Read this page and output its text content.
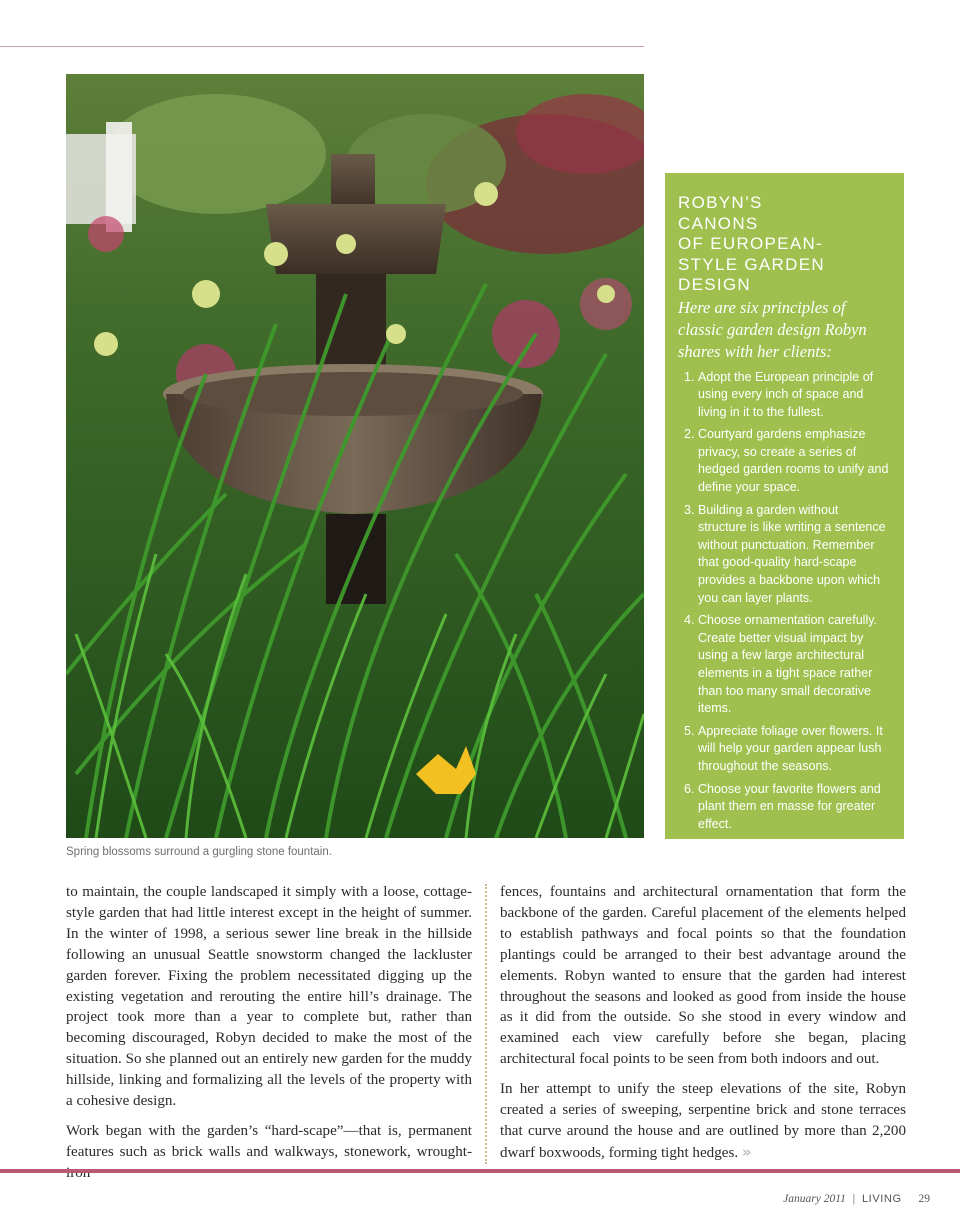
Spring blossoms surround a gurgling stone fountain.
ROBYN’S
CANONS
OF EUROPEAN-
STYLE GARDEN
DESIGN
Here are six principles of classic garden design Robyn shares with her clients:
1. Adopt the European principle of using every inch of space and living in it to the fullest.
2. Courtyard gardens emphasize privacy, so create a series of hedged garden rooms to unify and define your space.
3. Building a garden without structure is like writing a sentence without punctuation. Remember that good-quality hard-scape provides a backbone upon which you can layer plants.
4. Choose ornamentation carefully. Create better visual impact by using a few large architectural elements in a tight space rather than too many small decorative items.
5. Appreciate foliage over flowers. It will help your garden appear lush throughout the seasons.
6. Choose your favorite flowers and plant them en masse for greater effect.

to maintain, the couple landscaped it simply with a loose, cottage-style garden that had little interest except in the height of summer. In the winter of 1998, a serious sewer line break in the hillside following an unusual Seattle snowstorm changed the lackluster garden forever. Fixing the problem necessitated digging up the existing vegetation and rerouting the entire hill’s drainage. The project took more than a year to complete but, rather than becoming discouraged, Robyn decided to make the most of the situation. So she planned out an entirely new garden for the muddy hillside, linking and formalizing all the levels of the property with a cohesive design.

Work began with the garden’s “hard-scape”—that is, permanent features such as brick walls and walkways, stonework, wrought-

fences, fountains and architectural ornamentation that form the backbone of the garden. Careful placement of the elements helped to establish pathways and focal points so that the foundation plantings could be arranged to their best advantage around the elements. Robyn wanted to ensure that the garden had interest throughout the seasons and looked as good from inside the house as it did from the outside. So she stood in every window and examined each view carefully before she began, placing architectural focal points to be seen from both indoors and out.

In her attempt to unify the steep elevations of the site, Robyn created a series of sweeping, serpentine brick and stone terraces that curve around the house and are outlined by more than 2,200 dwarf boxwoods, forming tight hedges. »

January 2011 | LIVING 29
